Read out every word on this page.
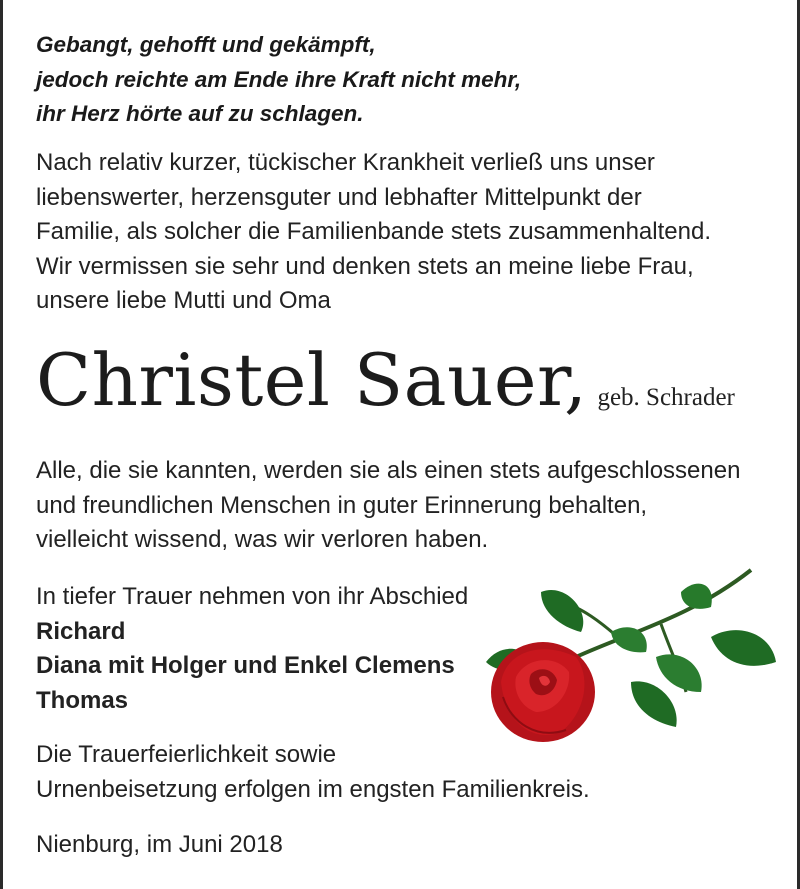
Gebangt, gehofft und gekämpft,
jedoch reichte am Ende ihre Kraft nicht mehr,
ihr Herz hörte auf zu schlagen.

Nach relativ kurzer, tückischer Krankheit verließ uns unser
liebenswerter, herzensguter und lebhafter Mittelpunkt der
Familie, als solcher die Familienbande stets zusammenhaltend.
Wir vermissen sie sehr und denken stets an meine liebe Frau,
unsere liebe Mutti und Oma

Christel Sauer, geb. Schrader

Alle, die sie kannten, werden sie als einen stets aufgeschlossenen
und freundlichen Menschen in guter Erinnerung behalten,
vielleicht wissend, was wir verloren haben.

In tiefer Trauer nehmen von ihr Abschied
Richard
Diana mit Holger und Enkel Clemens
Thomas

Die Trauerfeierlichkeit sowie
Urnenbeisetzung erfolgen im engsten Familienkreis.

Nienburg, im Juni 2018
